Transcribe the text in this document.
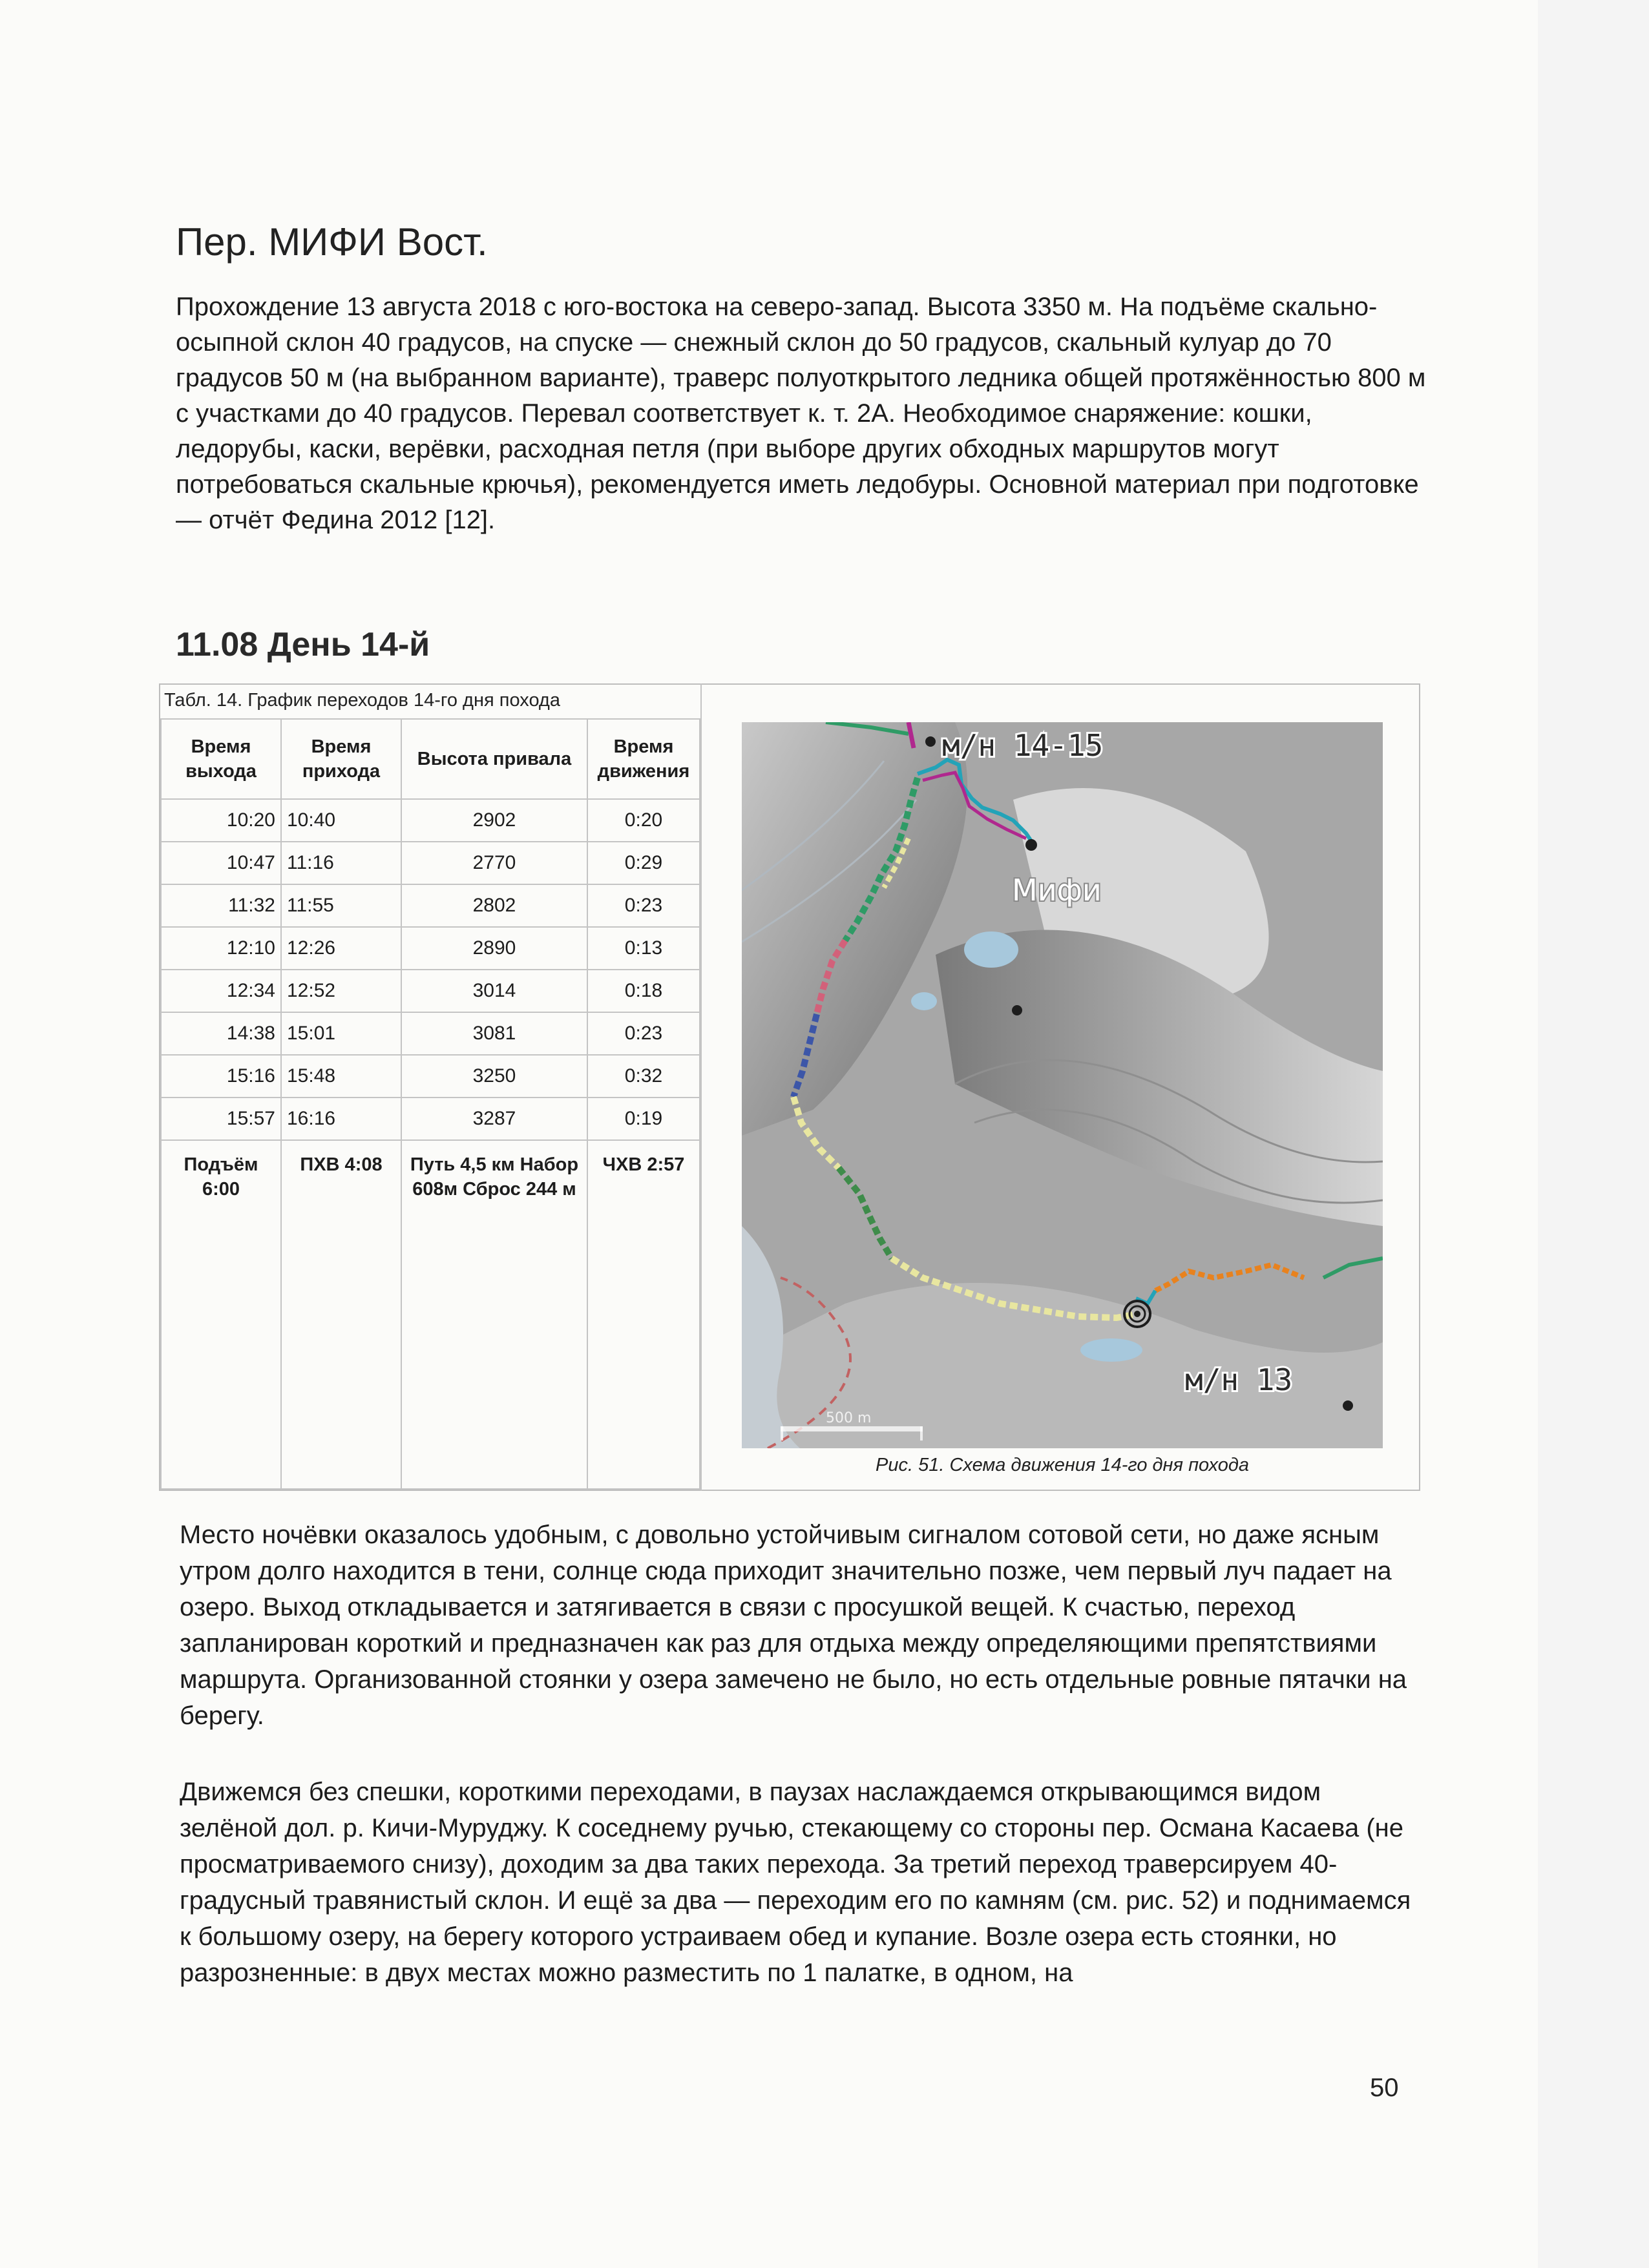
Пер. МИФИ Вост.

Прохождение 13 августа 2018 с юго-востока на северо-запад. Высота 3350 м. На подъёме скально-осыпной склон 40 градусов, на спуске — снежный склон до 50 градусов, скальный кулуар до 70 градусов 50 м (на выбранном варианте), траверс полуоткрытого ледника общей протяжённостью 800 м с участками до 40 градусов. Перевал соответствует к. т. 2А. Необходимое снаряжение: кошки, ледорубы, каски, верёвки, расходная петля (при выборе других обходных маршрутов могут потребоваться скальные крючья), рекомендуется иметь ледобуры. Основной материал при подготовке — отчёт Федина 2012 [12].

11.08 День 14-й
Табл. 14. График переходов 14-го дня похода
Время выхода	Время прихода	Высота привала	Время движения
10:20	10:40	2902	0:20
10:47	11:16	2770	0:29
11:32	11:55	2802	0:23
12:10	12:26	2890	0:13
12:34	12:52	3014	0:18
14:38	15:01	3081	0:23
15:16	15:48	3250	0:32
15:57	16:16	3287	0:19
Подъём 6:00	ПХВ 4:08	Путь 4,5 км Набор 608м Сброс 244 м	ЧХВ 2:57
м/н 14-15
Мифи
м/н 13
500 m
Рис. 51. Схема движения 14-го дня похода

Место ночёвки оказалось удобным, с довольно устойчивым сигналом сотовой сети, но даже ясным утром долго находится в тени, солнце сюда приходит значительно позже, чем первый луч падает на озеро. Выход откладывается и затягивается в связи с просушкой вещей. К счастью, переход запланирован короткий и предназначен как раз для отдыха между определяющими препятствиями маршрута. Организованной стоянки у озера замечено не было, но есть отдельные ровные пятачки на берегу.

Движемся без спешки, короткими переходами, в паузах наслаждаемся открывающимся видом зелёной дол. р. Кичи-Муруджу. К соседнему ручью, стекающему со стороны пер. Османа Касаева (не просматриваемого снизу), доходим за два таких перехода. За третий переход траверсируем 40-градусный травянистый склон. И ещё за два — переходим его по камням (см. рис. 52) и поднимаемся к большому озеру, на берегу которого устраиваем обед и купание. Возле озера есть стоянки, но разрозненные: в двух местах можно разместить по 1 палатке, в одном, на

50
